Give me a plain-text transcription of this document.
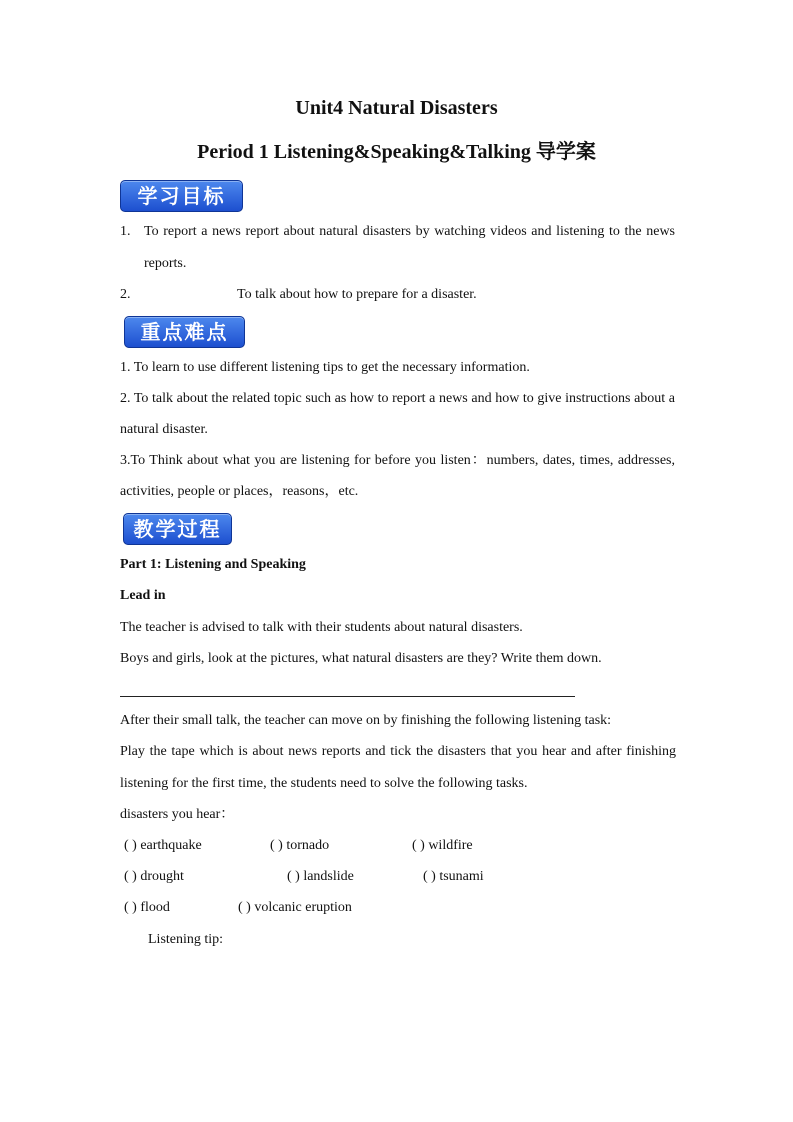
Unit4 Natural Disasters
Period 1 Listening&Speaking&Talking 导学案
学习目标
1. To report a news report about natural disasters by watching videos and listening to the news
reports.
2.	To talk about how to prepare for a disaster.
重点难点
1. To learn to use different listening tips to get the necessary information.
2. To talk about the related topic such as how to report a news and how to give instructions about a
natural disaster.
3.To Think about what you are listening for before you listen：numbers, dates, times, addresses,
activities, people or places，reasons，etc.
教学过程
Part 1: Listening and Speaking
Lead in
The teacher is advised to talk with their students about natural disasters.
Boys and girls, look at the pictures, what natural disasters are they? Write them down.
After their small talk, the teacher can move on by finishing the following listening task:
Play the tape which is about news reports and tick the disasters that you hear and after finishing
listening for the first time, the students need to solve the following tasks.
disasters you hear：
( ) earthquake	( ) tornado	( ) wildfire
( ) drought	( ) landslide	( ) tsunami
( ) flood	( ) volcanic eruption
Listening tip:
